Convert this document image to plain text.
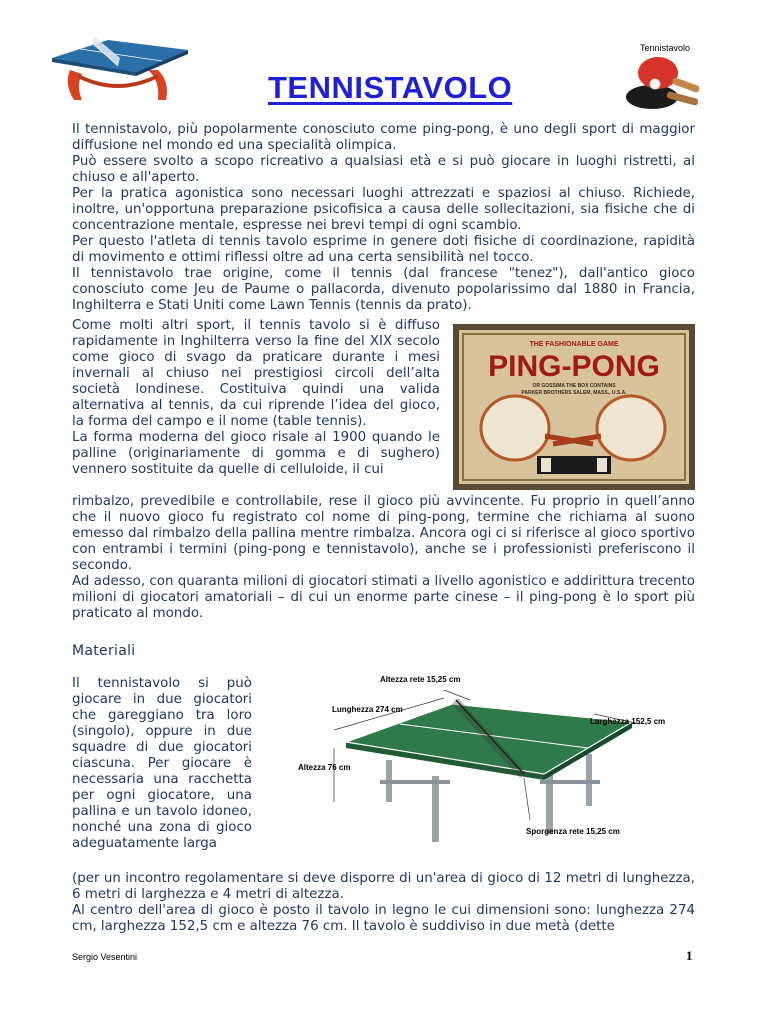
Tennistavolo
TENNISTAVOLO

Il tennistavolo, più popolarmente conosciuto come ping-pong, è uno degli sport di maggior diffusione nel mondo ed una specialità olimpica.

Può essere svolto a scopo ricreativo a qualsiasi età e si può giocare in luoghi ristretti, al chiuso e all'aperto.

Per la pratica agonistica sono necessari luoghi attrezzati e spaziosi al chiuso. Richiede, inoltre, un'opportuna preparazione psicofisica a causa delle sollecitazioni, sia fisiche che di concentrazione mentale, espresse nei brevi tempi di ogni scambio.

Per questo l'atleta di tennis tavolo esprime in genere doti fisiche di coordinazione, rapidità di movimento e ottimi riflessi oltre ad una certa sensibilità nel tocco.

Il tennistavolo trae origine, come il tennis (dal francese "tenez"), dall'antico gioco conosciuto come Jeu de Paume o pallacorda, divenuto popolarissimo dal 1880 in Francia, Inghilterra e Stati Uniti come Lawn Tennis (tennis da prato).

Come molti altri sport, il tennis tavolo si è diffuso rapidamente in Inghilterra verso la fine del XIX secolo come gioco di svago da praticare durante i mesi invernali al chiuso nei prestigiosi circoli dell’alta società londinese. Costituiva quindi una valida alternativa al tennis, da cui riprende l’idea del gioco, la forma del campo e il nome (table tennis).

La forma moderna del gioco risale al 1900 quando le palline (originariamente di gomma e di sughero) vennero sostituite da quelle di celluloide, il cui

THE FASHIONABLE GAME
PING-PONG
OR GOSSIMA THE BOX CONTAINS
PARKER BROTHERS SALEM, MASS., U.S.A.

rimbalzo, prevedibile e controllabile, rese il gioco più avvincente. Fu proprio in quell’anno che il nuovo gioco fu registrato col nome di ping-pong, termine che richiama al suono emesso dal rimbalzo della pallina mentre rimbalza. Ancora ogi ci si riferisce al gioco sportivo con entrambi i termini (ping-pong e tennistavolo), anche se i professionisti preferiscono il secondo.

Ad adesso, con quaranta milioni di giocatori stimati a livello agonistico e addirittura trecento milioni di giocatori amatoriali – di cui un enorme parte cinese – il ping-pong è lo sport più praticato al mondo.

Materiali

Il tennistavolo si può giocare in due giocatori che gareggiano tra loro (singolo), oppure in due squadre di due giocatori ciascuna. Per giocare è necessaria una racchetta per ogni giocatore, una pallina e un tavolo idoneo, nonché una zona di gioco adeguatamente larga

Altezza rete 15,25 cm
Lunghezza 274 cm
Larghezza 152,5 cm
Altezza 76 cm
Sporgenza rete 15,25 cm

(per un incontro regolamentare si deve disporre di un'area di gioco di 12 metri di lunghezza, 6 metri di larghezza e 4 metri di altezza.

Al centro dell'area di gioco è posto il tavolo in legno le cui dimensioni sono: lunghezza 274 cm, larghezza 152,5 cm e altezza 76 cm. Il tavolo è suddiviso in due metà (dette

Sergio Vesentini	1
